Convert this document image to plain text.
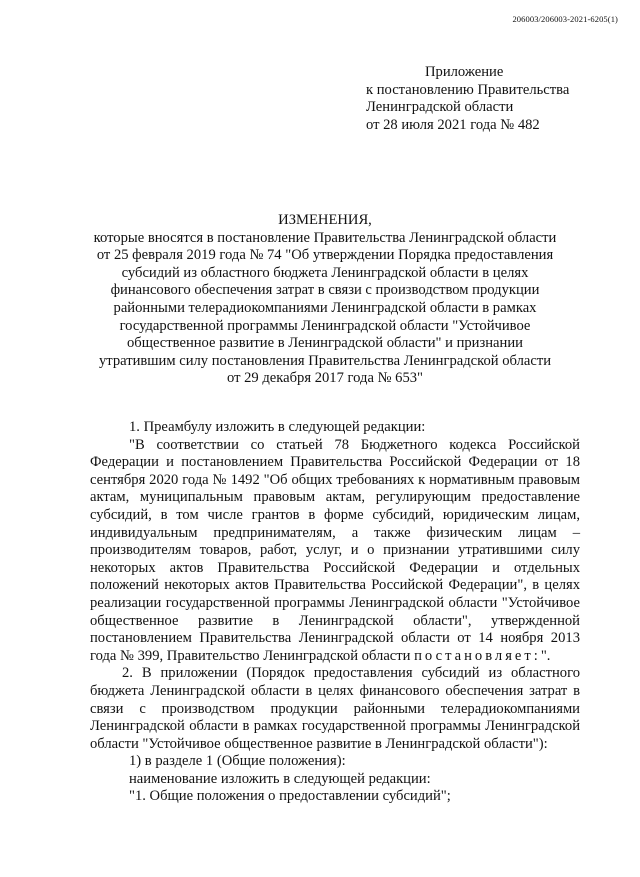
206003/206003-2021-6205(1)
Приложение
к постановлению Правительства
Ленинградской области
от 28 июля 2021 года № 482
ИЗМЕНЕНИЯ,
которые вносятся в постановление Правительства Ленинградской области
от 25 февраля 2019 года № 74 "Об утверждении Порядка предоставления
субсидий из областного бюджета Ленинградской области в целях
финансового обеспечения затрат в связи с производством продукции
районными телерадиокомпаниями Ленинградской области в рамках
государственной программы Ленинградской области "Устойчивое
общественное развитие в Ленинградской области" и признании
утратившим силу постановления Правительства Ленинградской области
от 29 декабря 2017 года № 653"
1. Преамбулу изложить в следующей редакции:
"В соответствии со статьей 78 Бюджетного кодекса Российской Федерации и постановлением Правительства Российской Федерации от 18 сентября 2020 года № 1492 "Об общих требованиях к нормативным правовым актам, муниципальным правовым актам, регулирующим предоставление субсидий, в том числе грантов в форме субсидий, юридическим лицам, индивидуальным предпринимателям, а также физическим лицам – производителям товаров, работ, услуг, и о признании утратившими силу некоторых актов Правительства Российской Федерации и отдельных положений некоторых актов Правительства Российской Федерации", в целях реализации государственной программы Ленинградской области "Устойчивое общественное развитие в Ленинградской области", утвержденной постановлением Правительства Ленинградской области от 14 ноября 2013 года № 399, Правительство Ленинградской области постановляет:".
2. В приложении (Порядок предоставления субсидий из областного бюджета Ленинградской области в целях финансового обеспечения затрат в связи с производством продукции районными телерадиокомпаниями Ленинградской области в рамках государственной программы Ленинградской области "Устойчивое общественное развитие в Ленинградской области"):
1) в разделе 1 (Общие положения):
наименование изложить в следующей редакции:
"1. Общие положения о предоставлении субсидий";
